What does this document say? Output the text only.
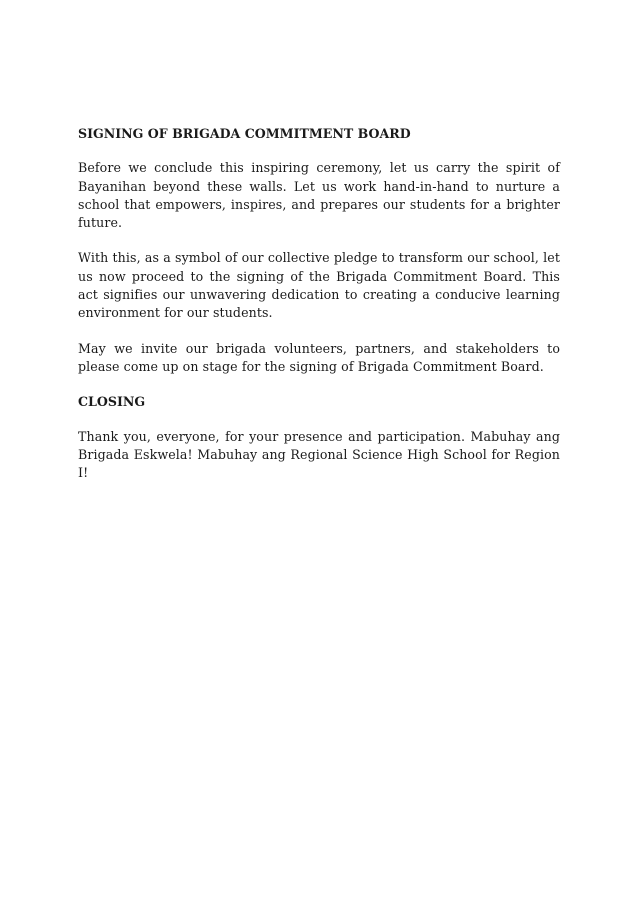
SIGNING OF BRIGADA COMMITMENT BOARD

Before we conclude this inspiring ceremony, let us carry the spirit of Bayanihan beyond these walls. Let us work hand-in-hand to nurture a school that empowers, inspires, and prepares our students for a brighter future.

With this, as a symbol of our collective pledge to transform our school, let us now proceed to the signing of the Brigada Commitment Board. This act signifies our unwavering dedication to creating a conducive learning environment for our students.

May we invite our brigada volunteers, partners, and stakeholders to please come up on stage for the signing of Brigada Commitment Board.

CLOSING

Thank you, everyone, for your presence and participation. Mabuhay ang Brigada Eskwela! Mabuhay ang Regional Science High School for Region I!
